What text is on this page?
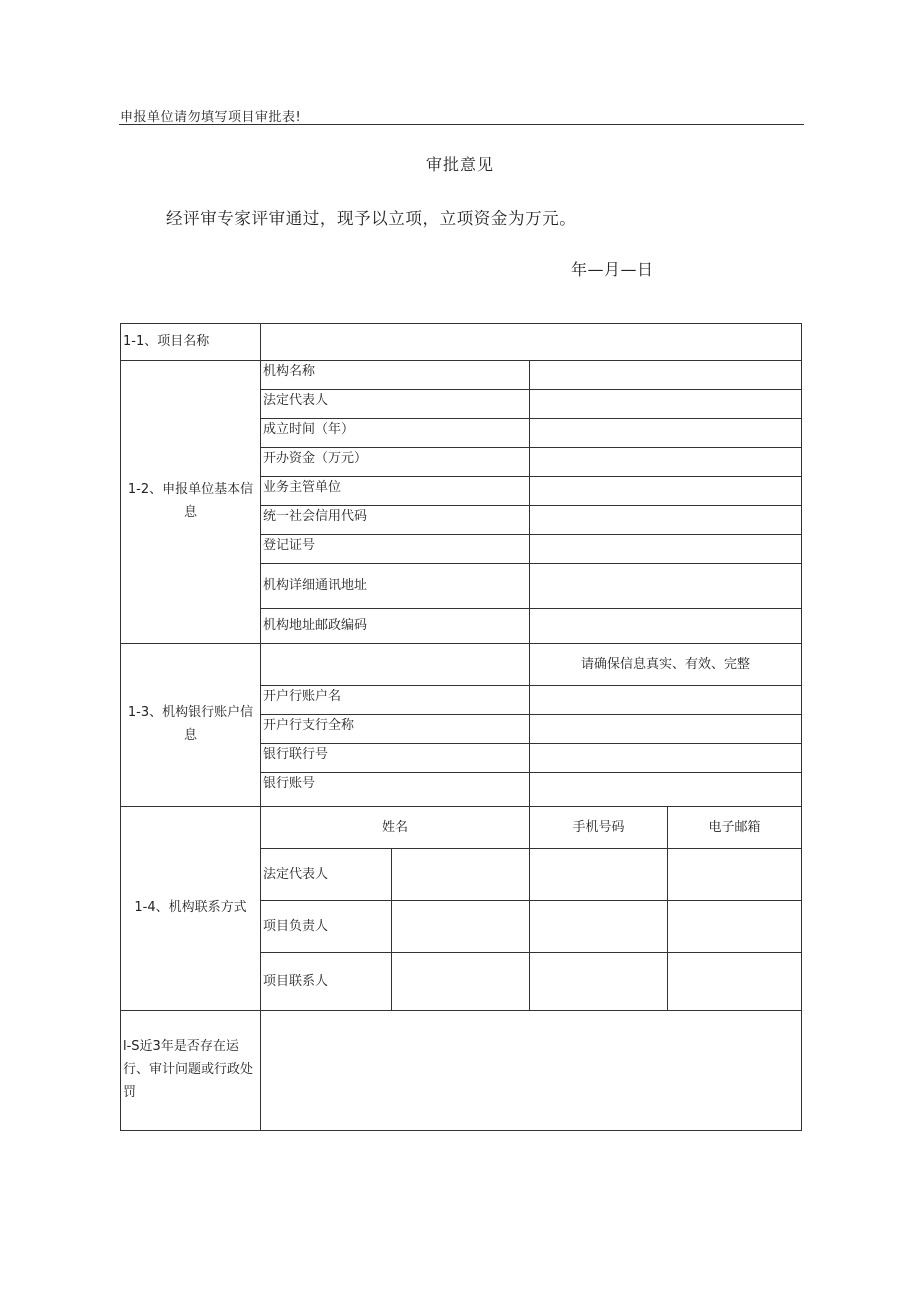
申报单位请勿填写项目审批表!
审批意见
经评审专家评审通过，现予以立项，立项资金为万元。
年—月—日
1-1、项目名称				
1-2、申报单位基本信息	机构名称			
	法定代表人			
	成立时间（年）			
	开办资金（万元）			
	业务主管单位			
	统一社会信用代码			
	登记证号			
	机构详细通讯地址			
	机构地址邮政编码			
1-3、机构银行账户信息			请确保信息真实、有效、完整	
	开户行账户名			
	开户行支行全称			
	银行联行号			
	银行账号			
1-4、机构联系方式	姓名		手机号码	电子邮箱
	法定代表人			
	项目负责人			
	项目联系人			
l-S近3年是否存在运行、审计问题或行政处罚				
